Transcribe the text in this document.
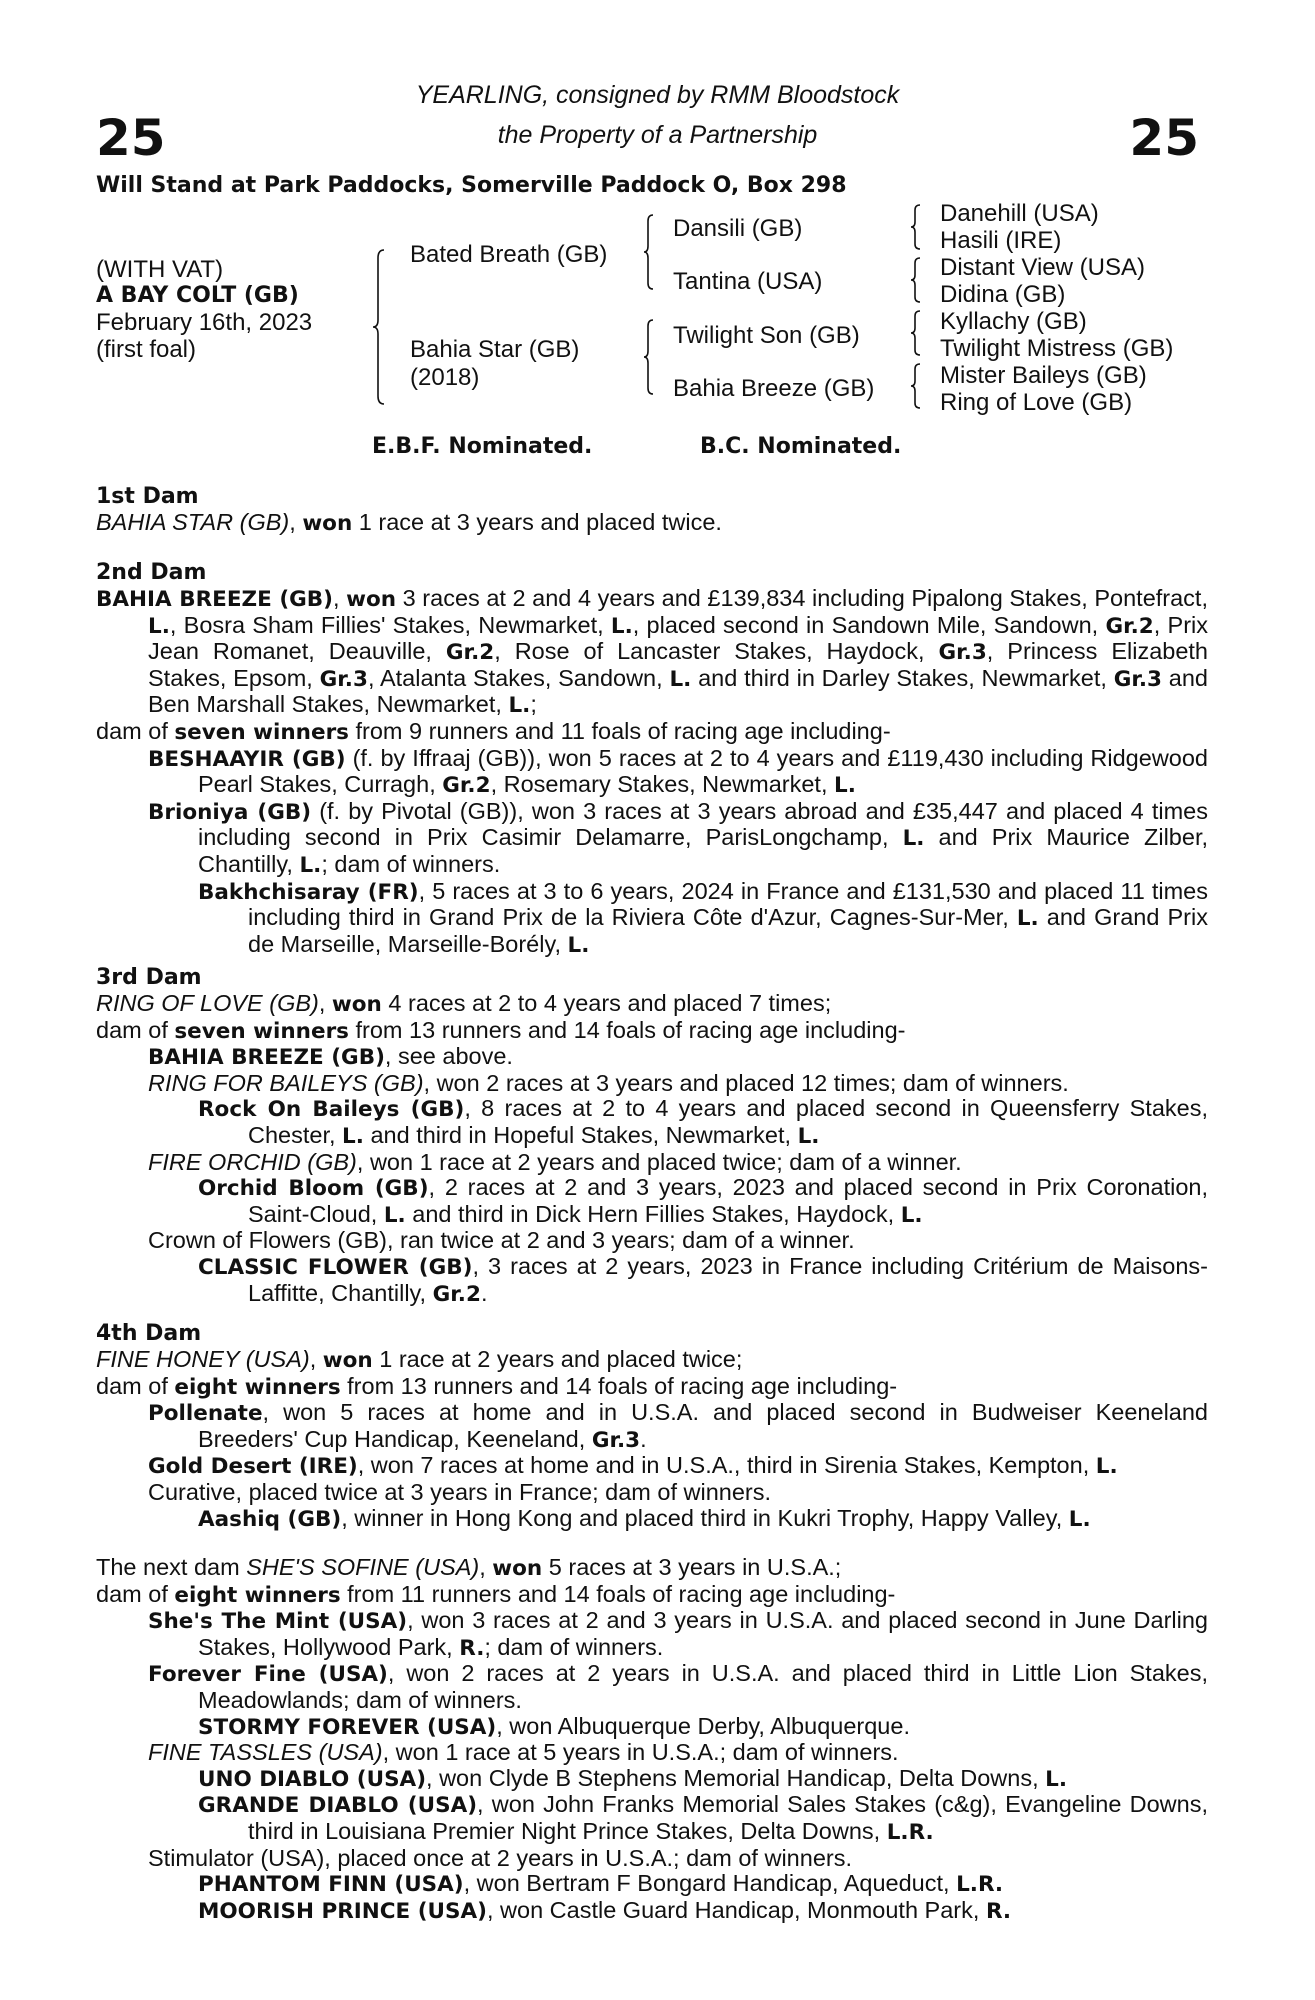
25	25
YEARLING, consigned by RMM Bloodstock
the Property of a Partnership
Will Stand at Park Paddocks, Somerville Paddock O, Box 298
(WITH VAT)
A BAY COLT (GB)
February 16th, 2023
(first foal)
Bated Breath (GB)
Bahia Star (GB)
(2018)
Dansili (GB)
Tantina (USA)
Twilight Son (GB)
Bahia Breeze (GB)
Danehill (USA)
Hasili (IRE)
Distant View (USA)
Didina (GB)
Kyllachy (GB)
Twilight Mistress (GB)
Mister Baileys (GB)
Ring of Love (GB)
E.B.F. Nominated.	B.C. Nominated.
1st Dam
BAHIA STAR (GB), won 1 race at 3 years and placed twice.
2nd Dam
BAHIA BREEZE (GB), won 3 races at 2 and 4 years and £139,834 including Pipalong Stakes, Pontefract, L., Bosra Sham Fillies' Stakes, Newmarket, L., placed second in Sandown Mile, Sandown, Gr.2, Prix Jean Romanet, Deauville, Gr.2, Rose of Lancaster Stakes, Haydock, Gr.3, Princess Elizabeth Stakes, Epsom, Gr.3, Atalanta Stakes, Sandown, L. and third in Darley Stakes, Newmarket, Gr.3 and Ben Marshall Stakes, Newmarket, L.;
dam of seven winners from 9 runners and 11 foals of racing age including-
BESHAAYIR (GB) (f. by Iffraaj (GB)), won 5 races at 2 to 4 years and £119,430 including Ridgewood Pearl Stakes, Curragh, Gr.2, Rosemary Stakes, Newmarket, L.
Brioniya (GB) (f. by Pivotal (GB)), won 3 races at 3 years abroad and £35,447 and placed 4 times including second in Prix Casimir Delamarre, ParisLongchamp, L. and Prix Maurice Zilber, Chantilly, L.; dam of winners.
Bakhchisaray (FR), 5 races at 3 to 6 years, 2024 in France and £131,530 and placed 11 times including third in Grand Prix de la Riviera Côte d'Azur, Cagnes-Sur-Mer, L. and Grand Prix de Marseille, Marseille-Borély, L.
3rd Dam
RING OF LOVE (GB), won 4 races at 2 to 4 years and placed 7 times;
dam of seven winners from 13 runners and 14 foals of racing age including-
BAHIA BREEZE (GB), see above.
RING FOR BAILEYS (GB), won 2 races at 3 years and placed 12 times; dam of winners.
Rock On Baileys (GB), 8 races at 2 to 4 years and placed second in Queensferry Stakes, Chester, L. and third in Hopeful Stakes, Newmarket, L.
FIRE ORCHID (GB), won 1 race at 2 years and placed twice; dam of a winner.
Orchid Bloom (GB), 2 races at 2 and 3 years, 2023 and placed second in Prix Coronation, Saint-Cloud, L. and third in Dick Hern Fillies Stakes, Haydock, L.
Crown of Flowers (GB), ran twice at 2 and 3 years; dam of a winner.
CLASSIC FLOWER (GB), 3 races at 2 years, 2023 in France including Critérium de Maisons-Laffitte, Chantilly, Gr.2.
4th Dam
FINE HONEY (USA), won 1 race at 2 years and placed twice;
dam of eight winners from 13 runners and 14 foals of racing age including-
Pollenate, won 5 races at home and in U.S.A. and placed second in Budweiser Keeneland Breeders' Cup Handicap, Keeneland, Gr.3.
Gold Desert (IRE), won 7 races at home and in U.S.A., third in Sirenia Stakes, Kempton, L.
Curative, placed twice at 3 years in France; dam of winners.
Aashiq (GB), winner in Hong Kong and placed third in Kukri Trophy, Happy Valley, L.
The next dam SHE'S SOFINE (USA), won 5 races at 3 years in U.S.A.;
dam of eight winners from 11 runners and 14 foals of racing age including-
She's The Mint (USA), won 3 races at 2 and 3 years in U.S.A. and placed second in June Darling Stakes, Hollywood Park, R.; dam of winners.
Forever Fine (USA), won 2 races at 2 years in U.S.A. and placed third in Little Lion Stakes, Meadowlands; dam of winners.
STORMY FOREVER (USA), won Albuquerque Derby, Albuquerque.
FINE TASSLES (USA), won 1 race at 5 years in U.S.A.; dam of winners.
UNO DIABLO (USA), won Clyde B Stephens Memorial Handicap, Delta Downs, L.
GRANDE DIABLO (USA), won John Franks Memorial Sales Stakes (c&g), Evangeline Downs, third in Louisiana Premier Night Prince Stakes, Delta Downs, L.R.
Stimulator (USA), placed once at 2 years in U.S.A.; dam of winners.
PHANTOM FINN (USA), won Bertram F Bongard Handicap, Aqueduct, L.R.
MOORISH PRINCE (USA), won Castle Guard Handicap, Monmouth Park, R.
